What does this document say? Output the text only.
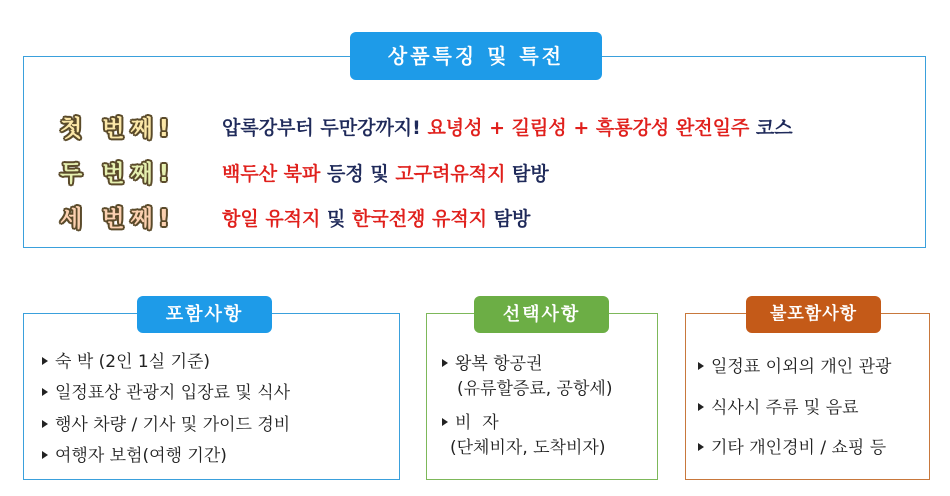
상품특징 및 특전
첫 번째! 압록강부터 두만강까지! 요녕성 + 길림성 + 흑룡강성 완전일주 코스
두 번째! 백두산 북파 등정 및 고구려유적지 탐방
세 번째! 항일 유적지 및 한국전쟁 유적지 탐방
포함사항
숙 박 (2인 1실 기준)
일정표상 관광지 입장료 및 식사
행사 차량 / 기사 및 가이드 경비
여행자 보험(여행 기간)
선택사항
왕복 항공권
(유류할증료, 공항세)
비  자
(단체비자, 도착비자)
불포함사항
일정표 이외의 개인 관광
식사시 주류 및 음료
기타 개인경비 / 쇼핑 등
